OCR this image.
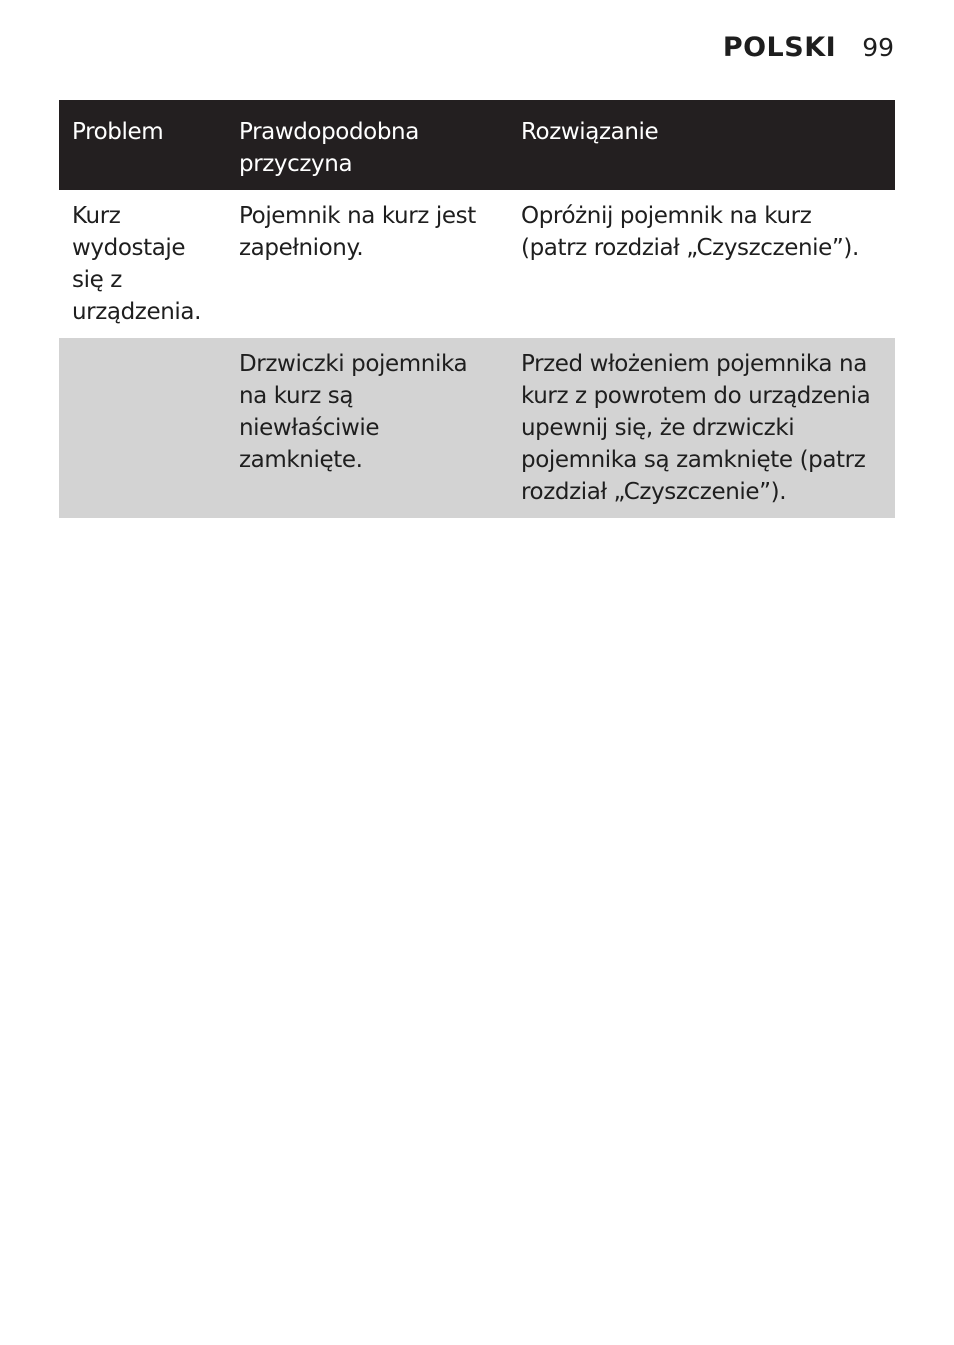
POLSKI 99
Problem	Prawdopodobna przyczyna	Rozwiązanie
Kurz wydostaje się z urządzenia.	Pojemnik na kurz jest zapełniony.	Opróżnij pojemnik na kurz (patrz rozdział „Czyszczenie”).
	Drzwiczki pojemnika na kurz są niewłaściwie zamknięte.	Przed włożeniem pojemnika na kurz z powrotem do urządzenia upewnij się, że drzwiczki pojemnika są zamknięte (patrz rozdział „Czyszczenie”).
